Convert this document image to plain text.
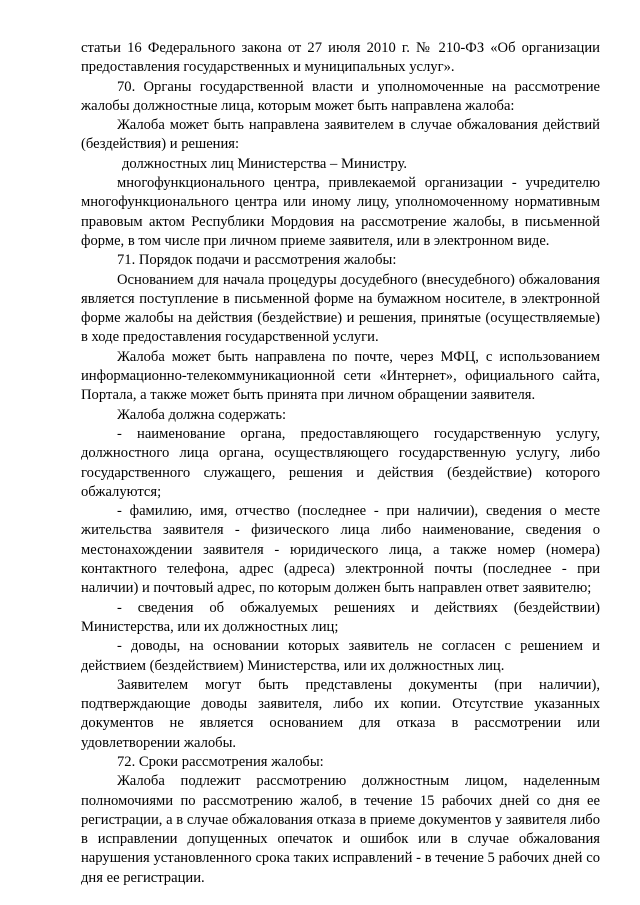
статьи 16 Федерального закона от 27 июля 2010 г. № 210-ФЗ «Об организации предоставления государственных и муниципальных услуг».

70. Органы государственной власти и уполномоченные на рассмотрение жалобы должностные лица, которым может быть направлена жалоба:

Жалоба может быть направлена заявителем в случае обжалования действий (бездействия) и решения:

должностных лиц Министерства – Министру.

многофункционального центра, привлекаемой организации - учредителю многофункционального центра или иному лицу, уполномоченному нормативным правовым актом Республики Мордовия на рассмотрение жалобы, в письменной форме, в том числе при личном приеме заявителя, или в электронном виде.

71. Порядок подачи и рассмотрения жалобы:

Основанием для начала процедуры досудебного (внесудебного) обжалования является поступление в письменной форме на бумажном носителе, в электронной форме жалобы на действия (бездействие) и решения, принятые (осуществляемые) в ходе предоставления государственной услуги.

Жалоба может быть направлена по почте, через МФЦ, с использованием информационно-телекоммуникационной сети «Интернет», официального сайта, Портала, а также может быть принята при личном обращении заявителя.

Жалоба должна содержать:

- наименование органа, предоставляющего государственную услугу, должностного лица органа, осуществляющего государственную услугу, либо государственного служащего, решения и действия (бездействие) которого обжалуются;

- фамилию, имя, отчество (последнее - при наличии), сведения о месте жительства заявителя - физического лица либо наименование, сведения о местонахождении заявителя - юридического лица, а также номер (номера) контактного телефона, адрес (адреса) электронной почты (последнее - при наличии) и почтовый адрес, по которым должен быть направлен ответ заявителю;

- сведения об обжалуемых решениях и действиях (бездействии) Министерства, или их должностных лиц;

- доводы, на основании которых заявитель не согласен с решением и действием (бездействием) Министерства, или их должностных лиц.

Заявителем могут быть представлены документы (при наличии), подтверждающие доводы заявителя, либо их копии. Отсутствие указанных документов не является основанием для отказа в рассмотрении или удовлетворении жалобы.

72. Сроки рассмотрения жалобы:

Жалоба подлежит рассмотрению должностным лицом, наделенным полномочиями по рассмотрению жалоб, в течение 15 рабочих дней со дня ее регистрации, а в случае обжалования отказа в приеме документов у заявителя либо в исправлении допущенных опечаток и ошибок или в случае обжалования нарушения установленного срока таких исправлений - в течение 5 рабочих дней со дня ее регистрации.
